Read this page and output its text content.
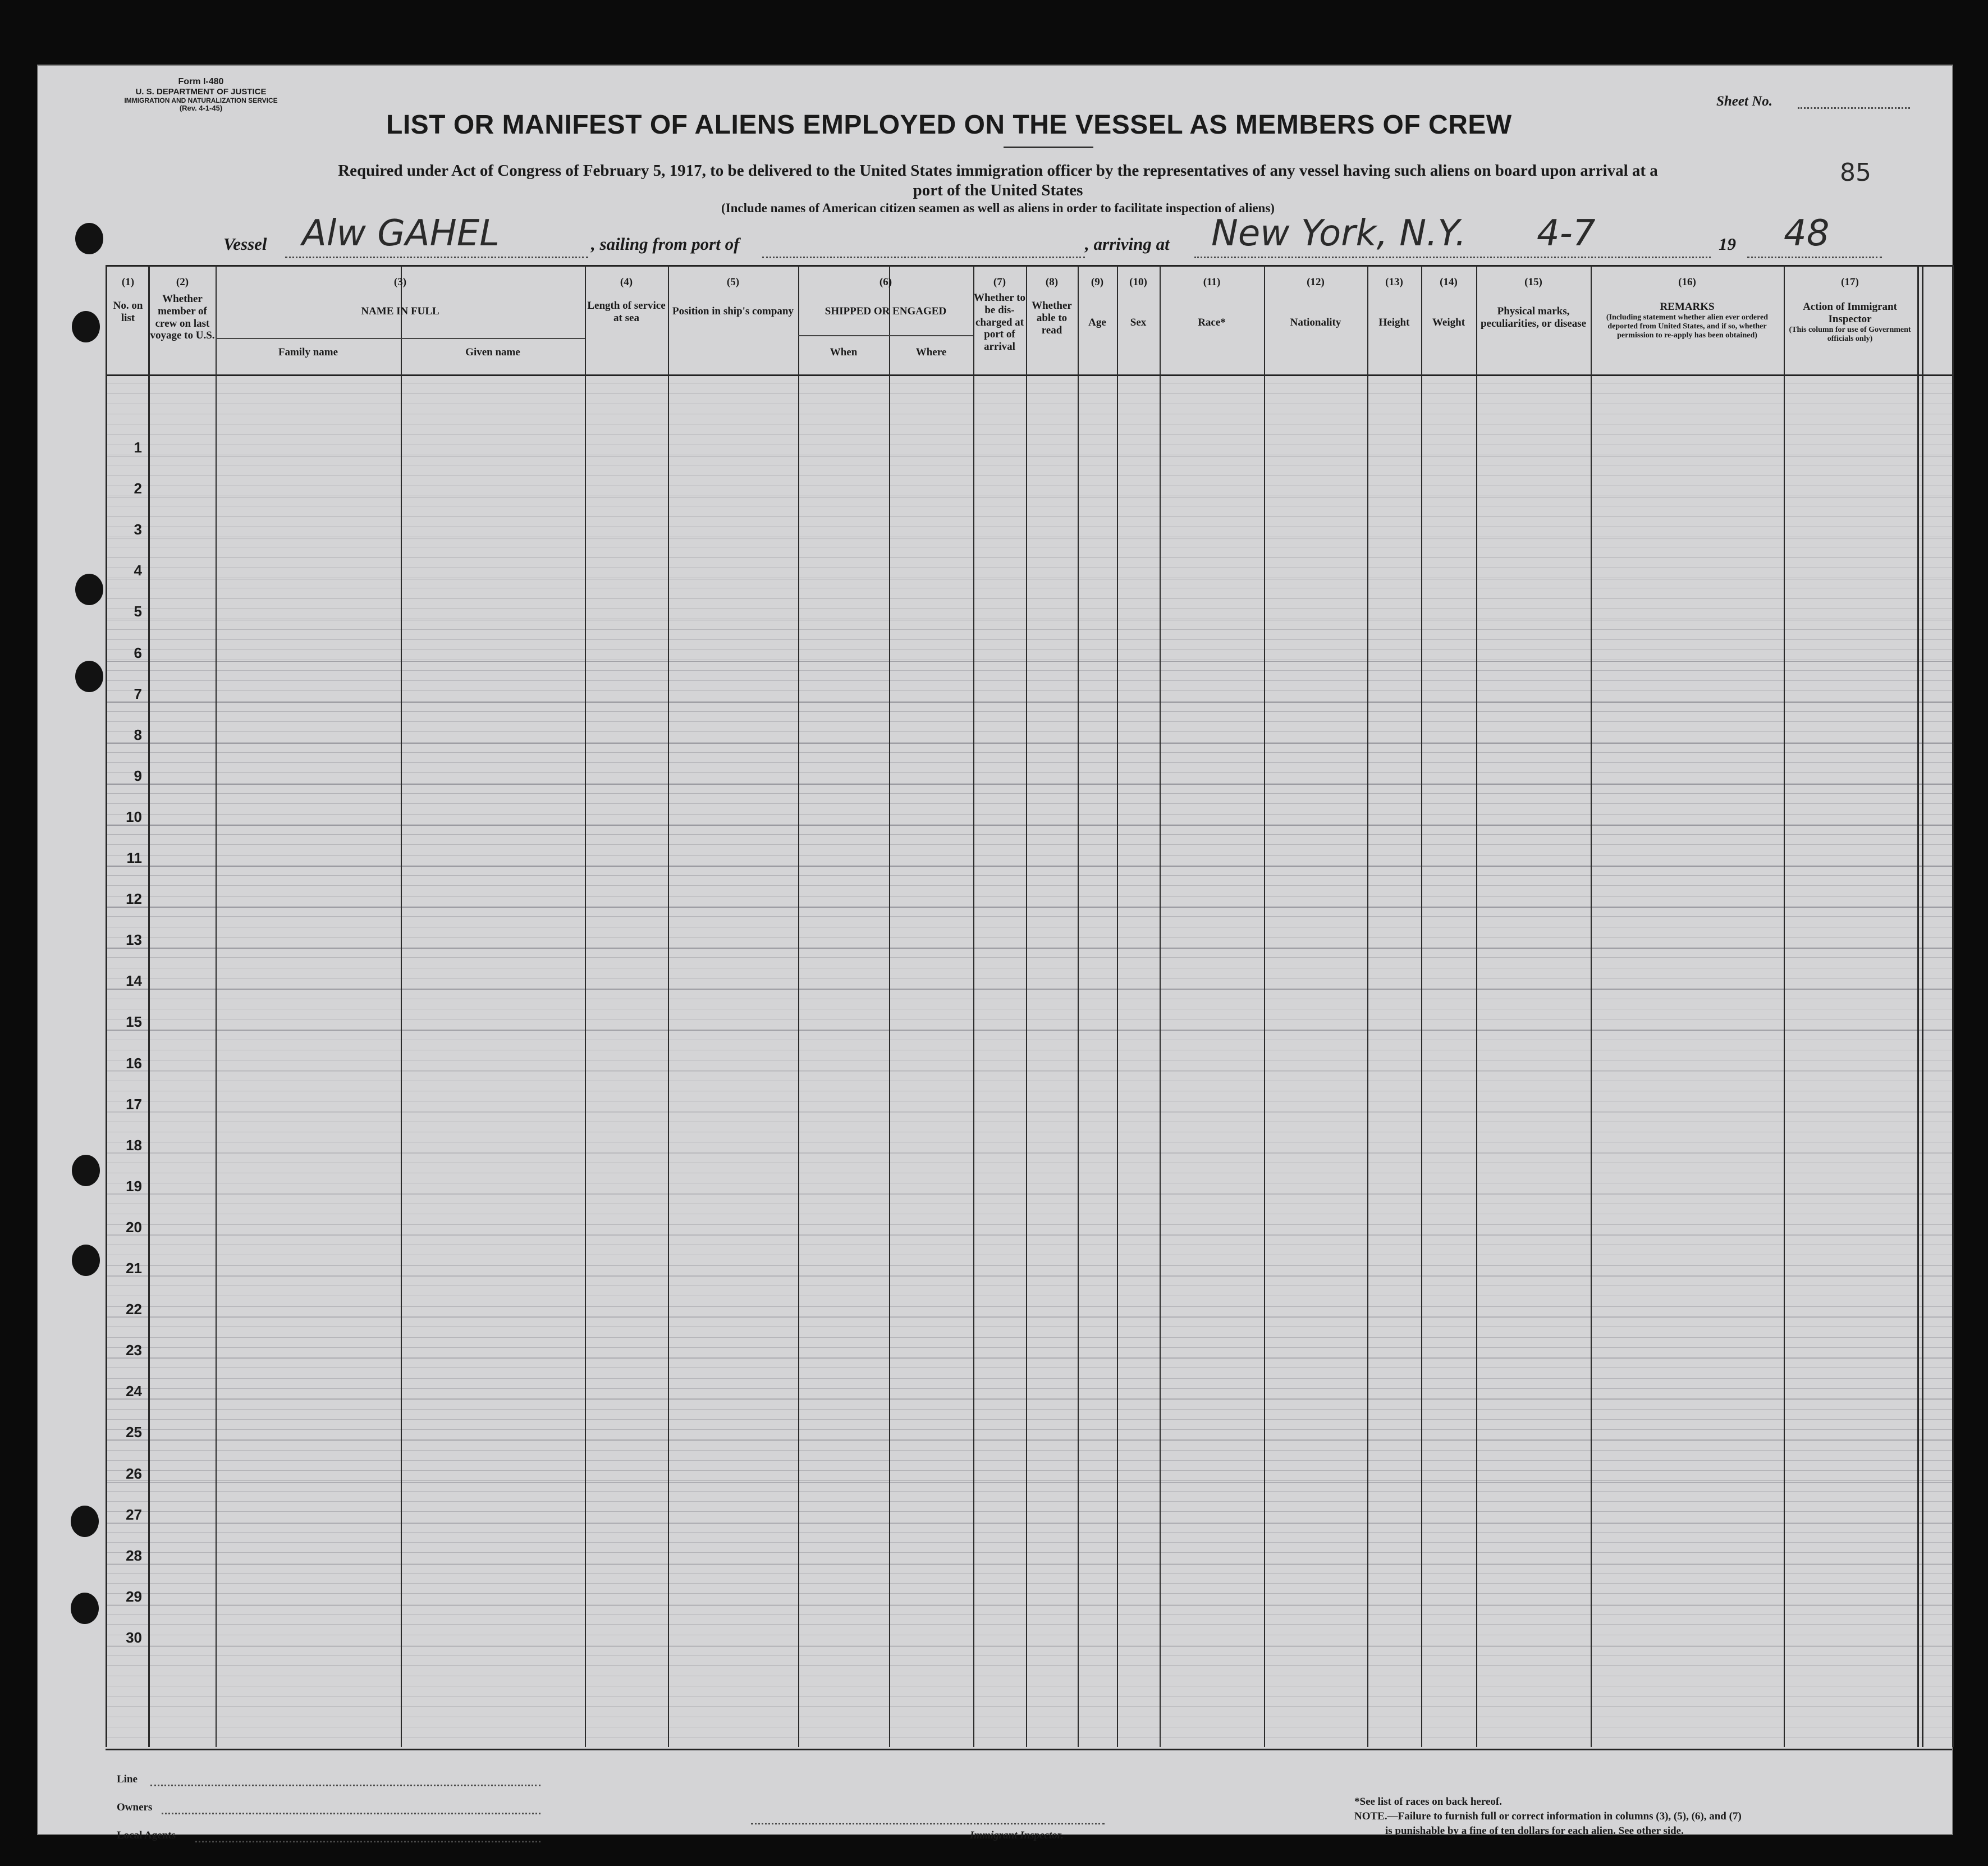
Form I-480
U. S. DEPARTMENT OF JUSTICE
IMMIGRATION AND NATURALIZATION SERVICE
(Rev. 4-1-45)	Sheet No.
LIST OR MANIFEST OF ALIENS EMPLOYED ON THE VESSEL AS MEMBERS OF CREW
Required under Act of Congress of February 5, 1917, to be delivered to the United States immigration officer by the representatives of any vessel having such aliens on board upon arrival at a
port of the United States
(Include names of American citizen seamen as well as aliens in order to facilitate inspection of aliens)
85
Vessel Alw GAHEL	, sailing from port of	, arriving at New York, N.Y. 4-7	19 48
(1)
No. on list
(2)
Whether member of crew on last voyage to U.S.
(3)
NAME IN FULL
Family name	Given name
(4)
Length of service at sea
(5)
Position in ship's company
(6)
SHIPPED OR ENGAGED
When	Where
(7)
Whether to be dis-charged at port of arrival
(8)
Whether able to read
(9)
Age
(10)
Sex
(11)
Race*
(12)
Nationality
(13)
Height
(14)
Weight
(15)
Physical marks, peculiarities, or disease
(16)
REMARKS
(Including statement whether alien ever ordered deported from United States, and if so, whether permission to re-apply has been obtained)
(17)
Action of Immigrant Inspector
(This column for use of Government officials only)
1
2
3
4
5
6
7
8
9
10
11
12
13
14
15
16
17
18
19
20
21
22
23
24
25
26
27
28
29
30
Line
Owners
Local Agents	Immigrant Inspector.
*See list of races on back hereof.
NOTE.—Failure to furnish full or correct information in columns (3), (5), (6), and (7)
is punishable by a fine of ten dollars for each alien. See other side.
